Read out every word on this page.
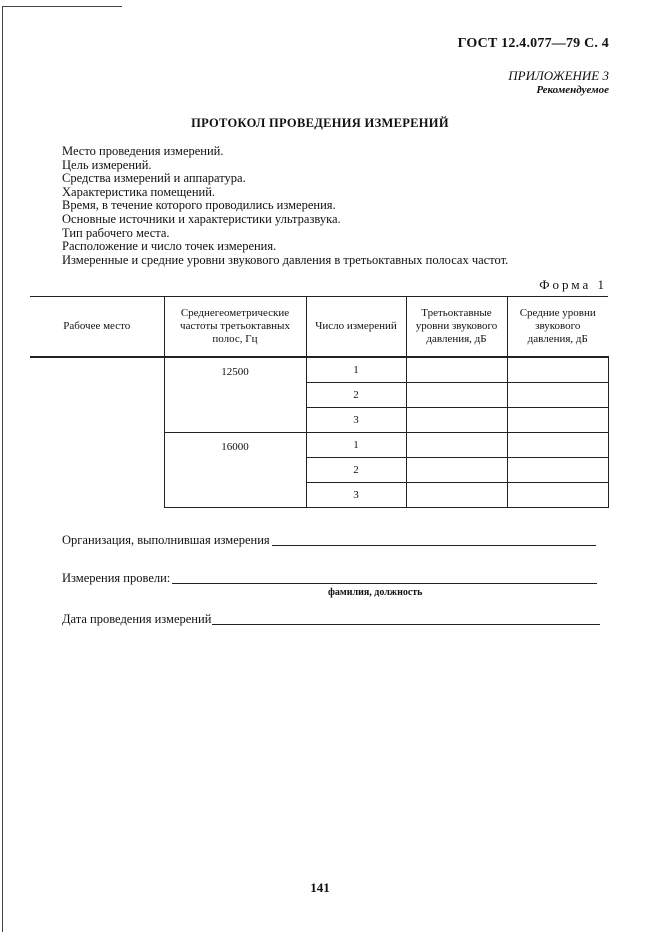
ГОСТ 12.4.077—79 С. 4
ПРИЛОЖЕНИЕ 3
Рекомендуемое
ПРОТОКОЛ ПРОВЕДЕНИЯ ИЗМЕРЕНИЙ
Место проведения измерений.
Цель измерений.
Средства измерений и аппаратура.
Характеристика помещений.
Время, в течение которого проводились измерения.
Основные источники и характеристики ультразвука.
Тип рабочего места.
Расположение и число точек измерения.
Измеренные и средние уровни звукового давления в третьоктавных полосах частот.
Форма 1
Рабочее место	Среднегеометрические частоты третьоктавных полос, Гц	Число измерений	Третьоктавные уровни звукового давления, дБ	Средние уровни звукового давления, дБ
	12500	1		
		2		
		3		
	16000	1		
		2		
		3		
Организация, выполнившая измерения
Измерения провели:
фамилия, должность
Дата проведения измерений
141
